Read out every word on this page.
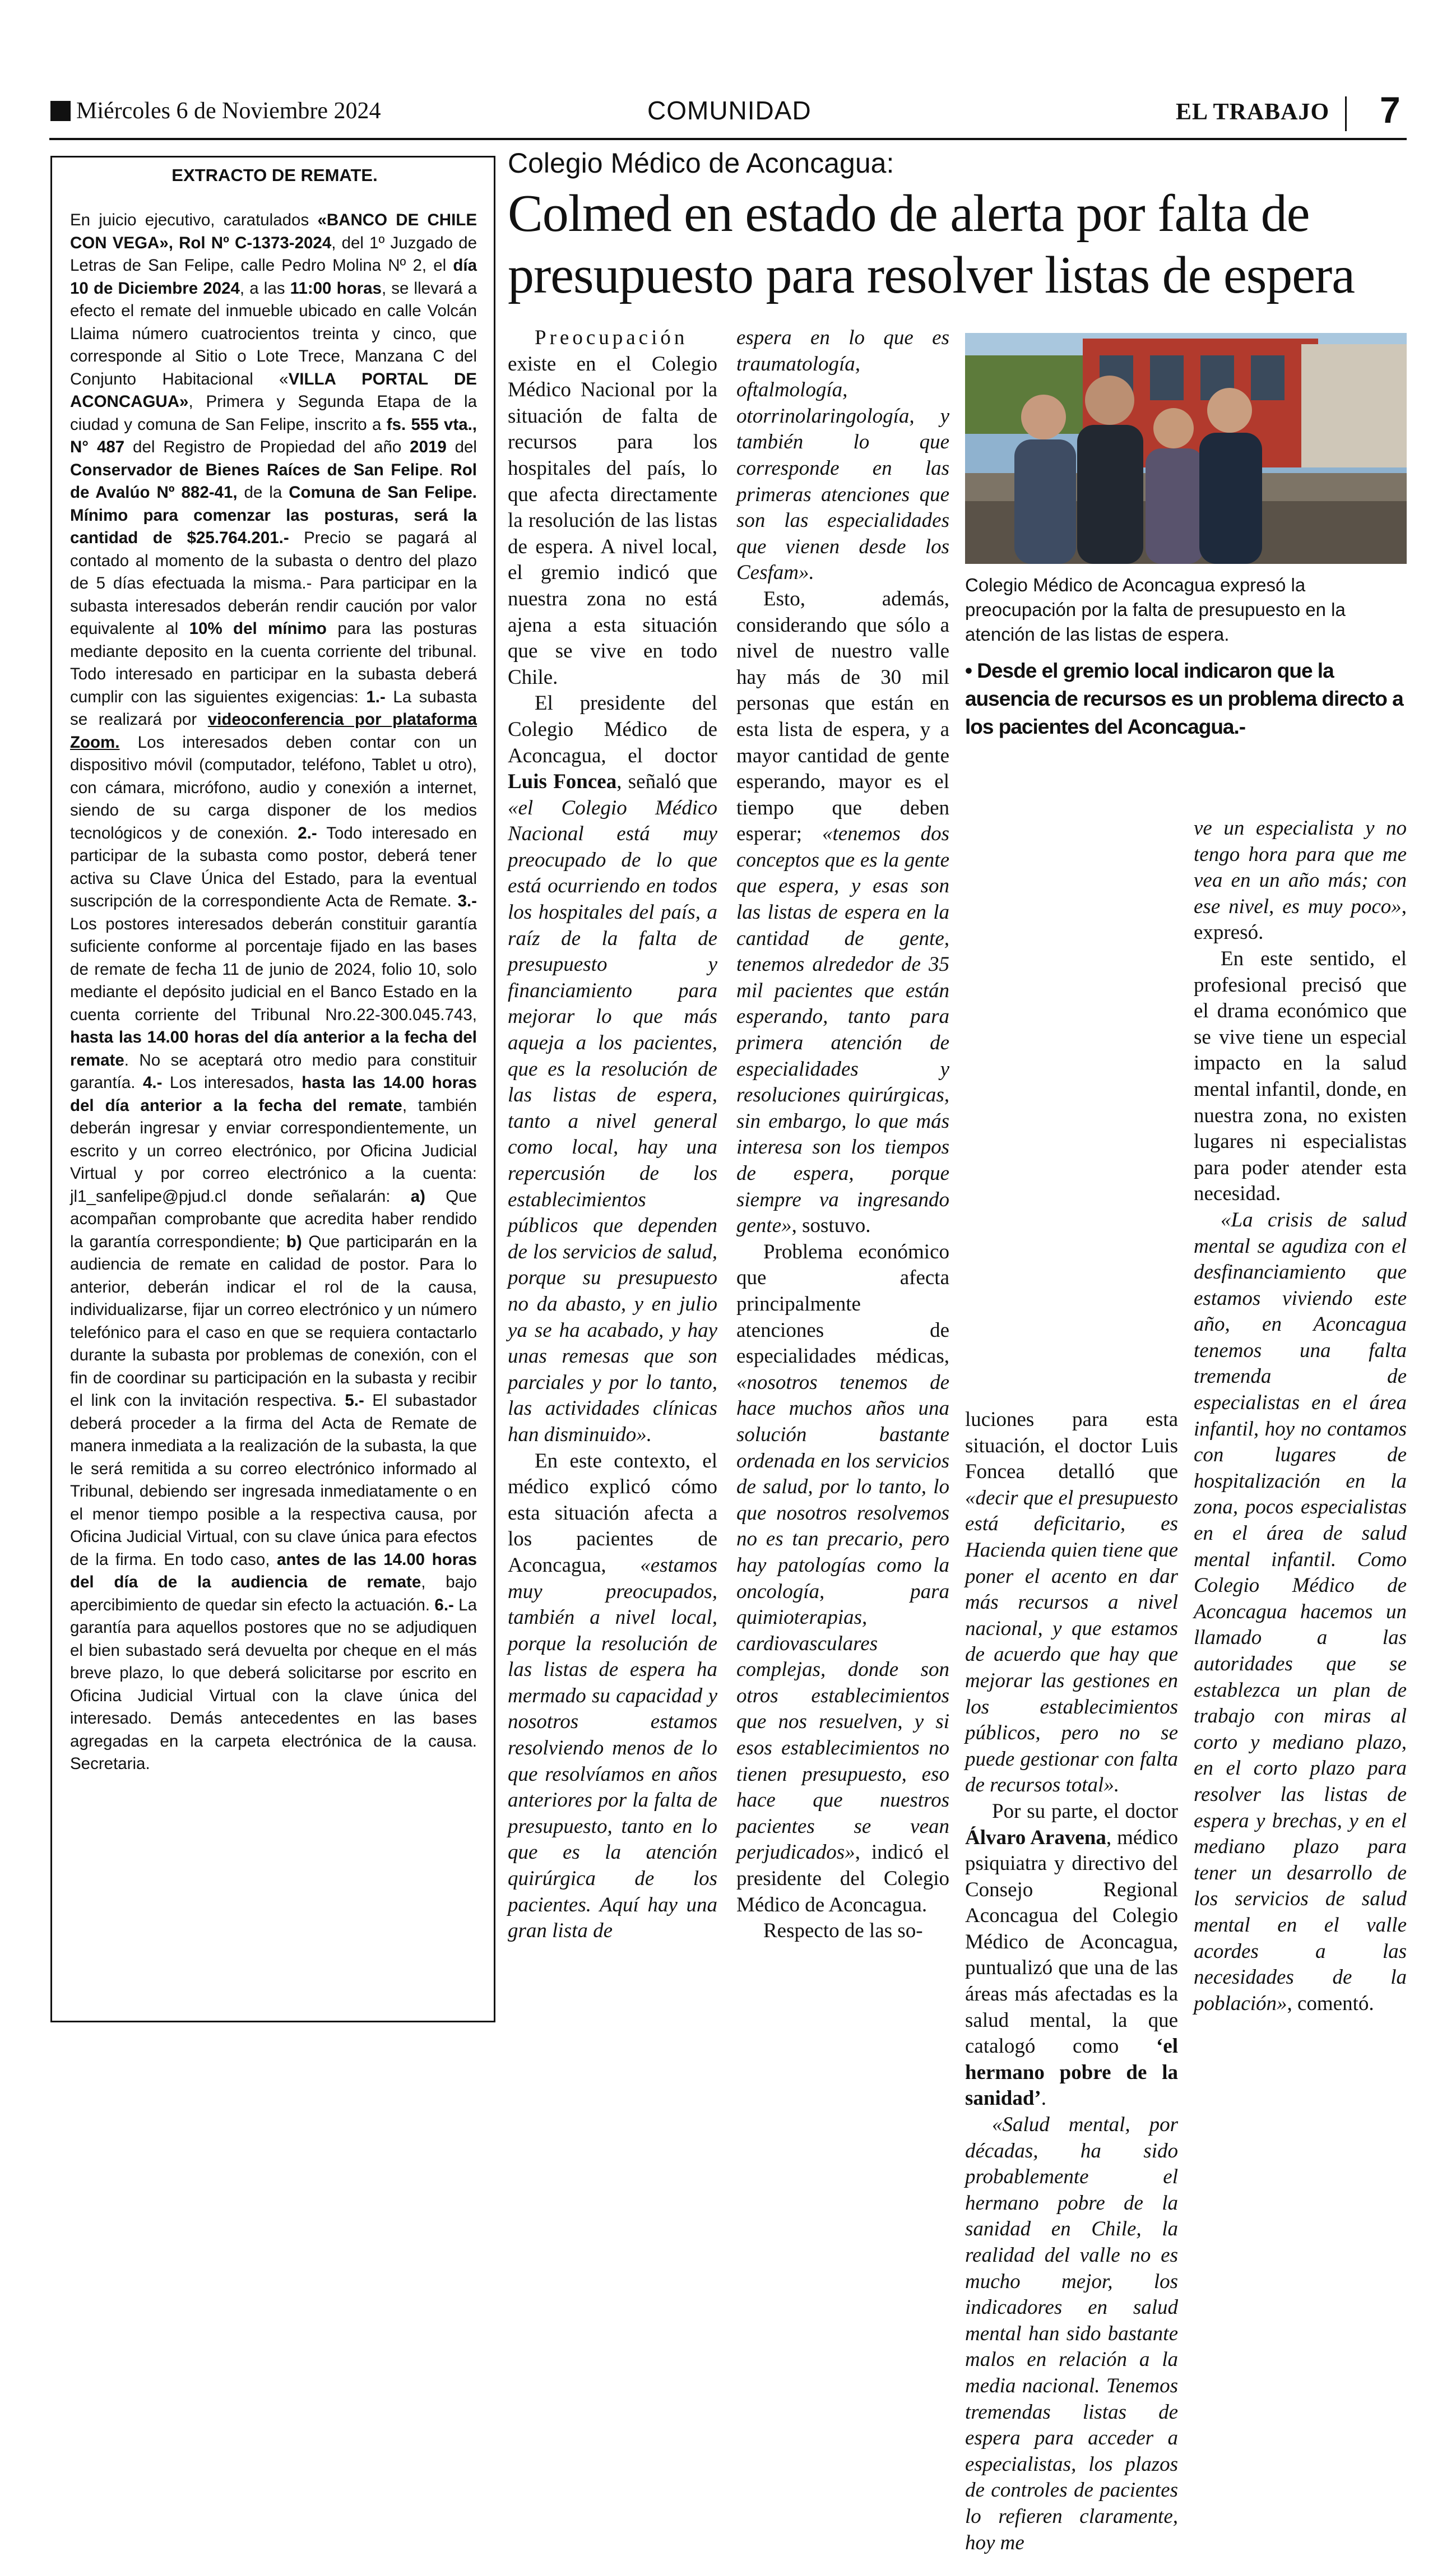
Miércoles 6 de Noviembre 2024	COMUNIDAD	EL TRABAJO 7
EXTRACTO DE REMATE.
En juicio ejecutivo, caratulados «BANCO DE CHILE CON VEGA», Rol Nº C-1373-2024, del 1º Juzgado de Letras de San Felipe, calle Pedro Molina Nº 2, el día 10 de Diciembre 2024, a las 11:00 horas, se llevará a efecto el remate del inmueble ubicado en calle Volcán Llaima número cuatrocientos treinta y cinco, que corresponde al Sitio o Lote Trece, Manzana C del Conjunto Habitacional «VILLA PORTAL DE ACONCAGUA», Primera y Segunda Etapa de la ciudad y comuna de San Felipe, inscrito a fs. 555 vta., N° 487 del Registro de Propiedad del año 2019 del Conservador de Bienes Raíces de San Felipe. Rol de Avalúo Nº 882-41, de la Comuna de San Felipe. Mínimo para comenzar las posturas, será la cantidad de $25.764.201.- Precio se pagará al contado al momento de la subasta o dentro del plazo de 5 días efectuada la misma.- Para participar en la subasta interesados deberán rendir caución por valor equivalente al 10% del mínimo para las posturas mediante deposito en la cuenta corriente del tribunal. Todo interesado en participar en la subasta deberá cumplir con las siguientes exigencias: 1.- La subasta se realizará por videoconferencia por plataforma Zoom. Los interesados deben contar con un dispositivo móvil (computador, teléfono, Tablet u otro), con cámara, micrófono, audio y conexión a internet, siendo de su carga disponer de los medios tecnológicos y de conexión. 2.- Todo interesado en participar de la subasta como postor, deberá tener activa su Clave Única del Estado, para la eventual suscripción de la correspondiente Acta de Remate. 3.- Los postores interesados deberán constituir garantía suficiente conforme al porcentaje fijado en las bases de remate de fecha 11 de junio de 2024, folio 10, solo mediante el depósito judicial en el Banco Estado en la cuenta corriente del Tribunal Nro.22-300.045.743, hasta las 14.00 horas del día anterior a la fecha del remate. No se aceptará otro medio para constituir garantía. 4.- Los interesados, hasta las 14.00 horas del día anterior a la fecha del remate, también deberán ingresar y enviar correspondientemente, un escrito y un correo electrónico, por Oficina Judicial Virtual y por correo electrónico a la cuenta: jl1_sanfelipe@pjud.cl donde señalarán: a) Que acompañan comprobante que acredita haber rendido la garantía correspondiente; b) Que participarán en la audiencia de remate en calidad de postor. Para lo anterior, deberán indicar el rol de la causa, individualizarse, fijar un correo electrónico y un número telefónico para el caso en que se requiera contactarlo durante la subasta por problemas de conexión, con el fin de coordinar su participación en la subasta y recibir el link con la invitación respectiva. 5.- El subastador deberá proceder a la firma del Acta de Remate de manera inmediata a la realización de la subasta, la que le será remitida a su correo electrónico informado al Tribunal, debiendo ser ingresada inmediatamente o en el menor tiempo posible a la respectiva causa, por Oficina Judicial Virtual, con su clave única para efectos de la firma. En todo caso, antes de las 14.00 horas del día de la audiencia de remate, bajo apercibimiento de quedar sin efecto la actuación. 6.- La garantía para aquellos postores que no se adjudiquen el bien subastado será devuelta por cheque en el más breve plazo, lo que deberá solicitarse por escrito en Oficina Judicial Virtual con la clave única del interesado. Demás antecedentes en las bases agregadas en la carpeta electrónica de la causa. Secretaria.
Colegio Médico de Aconcagua:
Colmed en estado de alerta por falta de presupuesto para resolver listas de espera

Preocupación existe en el Colegio Médico Nacional por la situación de falta de recursos para los hospitales del país, lo que afecta directamente la resolución de las listas de espera. A nivel local, el gremio indicó que nuestra zona no está ajena a esta situación que se vive en todo Chile.

El presidente del Colegio Médico de Aconcagua, el doctor Luis Foncea, señaló que «el Colegio Médico Nacional está muy preocupado de lo que está ocurriendo en todos los hospitales del país, a raíz de la falta de presupuesto y financiamiento para mejorar lo que más aqueja a los pacientes, que es la resolución de las listas de espera, tanto a nivel general como local, hay una repercusión de los establecimientos públicos que dependen de los servicios de salud, porque su presupuesto no da abasto, y en julio ya se ha acabado, y hay unas remesas que son parciales y por lo tanto, las actividades clínicas han disminuido».

En este contexto, el médico explicó cómo esta situación afecta a los pacientes de Aconcagua, «estamos muy preocupados, también a nivel local, porque la resolución de las listas de espera ha mermado su capacidad y nosotros estamos resolviendo menos de lo que resolvíamos en años anteriores por la falta de presupuesto, tanto en lo que es la atención quirúrgica de los pacientes. Aquí hay una gran lista de

espera en lo que es traumatología, oftalmología, otorrinolaringología, y también lo que corresponde en las primeras atenciones que son las especialidades que vienen desde los Cesfam».

Esto, además, considerando que sólo a nivel de nuestro valle hay más de 30 mil personas que están en esta lista de espera, y a mayor cantidad de gente esperando, mayor es el tiempo que deben esperar; «tenemos dos conceptos que es la gente que espera, y esas son las listas de espera en la cantidad de gente, tenemos alrededor de 35 mil pacientes que están esperando, tanto para primera atención de especialidades y resoluciones quirúrgicas, sin embargo, lo que más interesa son los tiempos de espera, porque siempre va ingresando gente», sostuvo.

Problema económico que afecta principalmente atenciones de especialidades médicas, «nosotros tenemos de hace muchos años una solución bastante ordenada en los servicios de salud, por lo tanto, lo que nosotros resolvemos no es tan precario, pero hay patologías como la oncología, para quimioterapias, cardiovasculares complejas, donde son otros establecimientos que nos resuelven, y si esos establecimientos no tienen presupuesto, eso hace que nuestros pacientes se vean perjudicados», indicó el presidente del Colegio Médico de Aconcagua.

Respecto de las so-

Colegio Médico de Aconcagua expresó la preocupación por la falta de presupuesto en la atención de las listas de espera.
• Desde el gremio local indicaron que la ausencia de recursos es un problema directo a los pacientes del Aconcagua.-

luciones para esta situación, el doctor Luis Foncea detalló que «decir que el presupuesto está deficitario, es Hacienda quien tiene que poner el acento en dar más recursos a nivel nacional, y que estamos de acuerdo que hay que mejorar las gestiones en los establecimientos públicos, pero no se puede gestionar con falta de recursos total».

Por su parte, el doctor Álvaro Aravena, médico psiquiatra y directivo del Consejo Regional Aconcagua del Colegio Médico de Aconcagua, puntualizó que una de las áreas más afectadas es la salud mental, la que catalogó como ‘el hermano pobre de la sanidad’.

«Salud mental, por décadas, ha sido probablemente el hermano pobre de la sanidad en Chile, la realidad del valle no es mucho mejor, los indicadores en salud mental han sido bastante malos en relación a la media nacional. Tenemos tremendas listas de espera para acceder a especialistas, los plazos de controles de pacientes lo refieren claramente, hoy me

ve un especialista y no tengo hora para que me vea en un año más; con ese nivel, es muy poco», expresó.

En este sentido, el profesional precisó que el drama económico que se vive tiene un especial impacto en la salud mental infantil, donde, en nuestra zona, no existen lugares ni especialistas para poder atender esta necesidad.

«La crisis de salud mental se agudiza con el desfinanciamiento que estamos viviendo este año, en Aconcagua tenemos una falta tremenda de especialistas en el área infantil, hoy no contamos con lugares de hospitalización en la zona, pocos especialistas en el área de salud mental infantil. Como Colegio Médico de Aconcagua hacemos un llamado a las autoridades que se establezca un plan de trabajo con miras al corto y mediano plazo, en el corto plazo para resolver las listas de espera y brechas, y en el mediano plazo para tener un desarrollo de los servicios de salud mental en el valle acordes a las necesidades de la población», comentó.
